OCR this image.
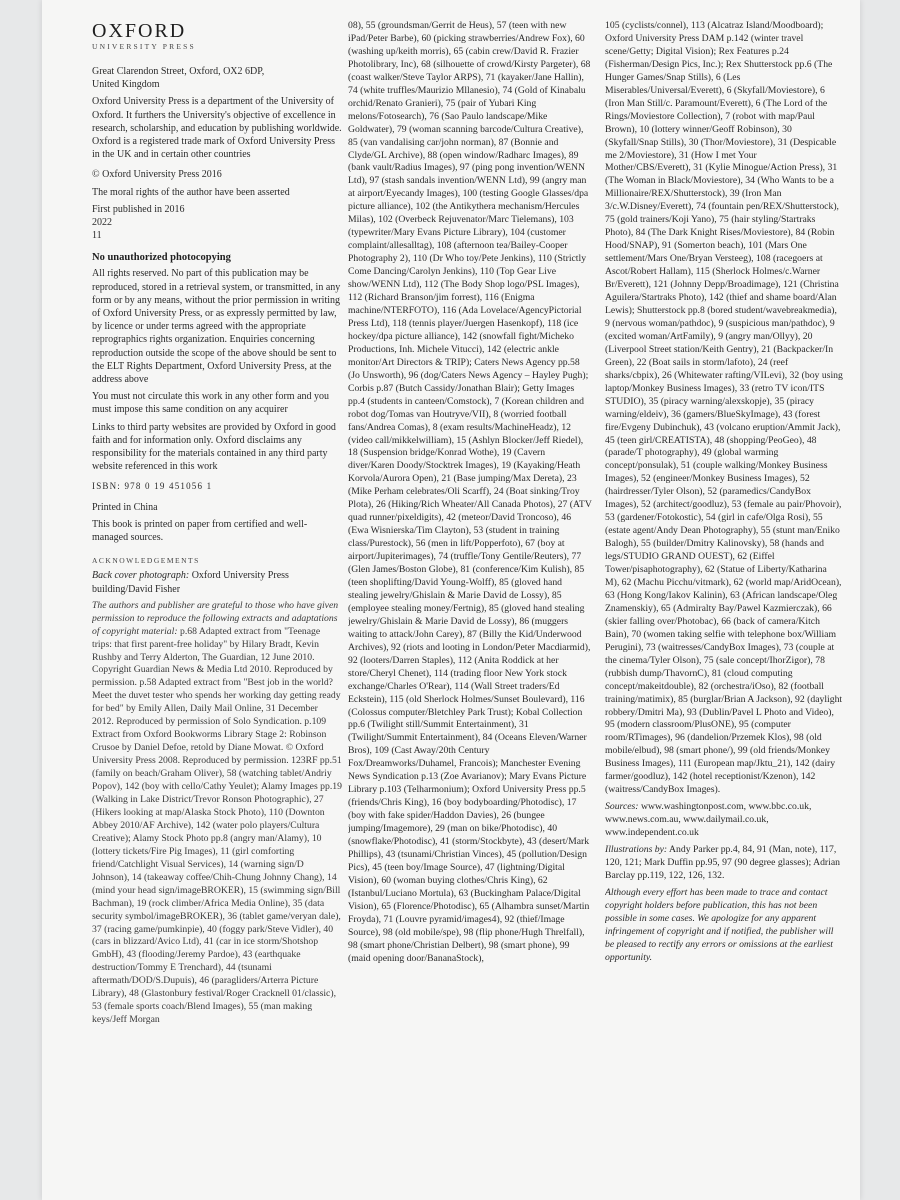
OXFORD
UNIVERSITY PRESS
Great Clarendon Street, Oxford, OX2 6DP,
United Kingdom

Oxford University Press is a department of the University of Oxford. It furthers the University's objective of excellence in research, scholarship, and education by publishing worldwide. Oxford is a registered trade mark of Oxford University Press in the UK and in certain other countries

© Oxford University Press 2016

The moral rights of the author have been asserted

First published in 2016

2022

11

No unauthorized photocopying

All rights reserved. No part of this publication may be reproduced, stored in a retrieval system, or transmitted, in any form or by any means, without the prior permission in writing of Oxford University Press, or as expressly permitted by law, by licence or under terms agreed with the appropriate reprographics rights organization. Enquiries concerning reproduction outside the scope of the above should be sent to the ELT Rights Department, Oxford University Press, at the address above

You must not circulate this work in any other form and you must impose this same condition on any acquirer

Links to third party websites are provided by Oxford in good faith and for information only. Oxford disclaims any responsibility for the materials contained in any third party website referenced in this work

ISBN: 978 0 19 451056 1

Printed in China

This book is printed on paper from certified and well-managed sources.

ACKNOWLEDGEMENTS

Back cover photograph: Oxford University Press building/David Fisher

The authors and publisher are grateful to those who have given permission to reproduce the following extracts and adaptations of copyright material: p.68 Adapted extract from "Teenage trips: that first parent-free holiday" by Hilary Bradt, Kevin Rushby and Terry Alderton, The Guardian, 12 June 2010. Copyright Guardian News & Media Ltd 2010. Reproduced by permission. p.58 Adapted extract from "Best job in the world? Meet the duvet tester who spends her working day getting ready for bed" by Emily Allen, Daily Mail Online, 31 December 2012. Reproduced by permission of Solo Syndication. p.109 Extract from Oxford Bookworms Library Stage 2: Robinson Crusoe by Daniel Defoe, retold by Diane Mowat. © Oxford University Press 2008. Reproduced by permission. 123RF pp.51 (family on beach/Graham Oliver), 58 (watching tablet/Andriy Popov), 142 (boy with cello/Cathy Yeulet); Alamy Images pp.19 (Walking in Lake District/Trevor Ronson Photographic), 27 (Hikers looking at map/Alaska Stock Photo), 110 (Downton Abbey 2010/AF Archive), 142 (water polo players/Cultura Creative); Alamy Stock Photo pp.8 (angry man/Alamy), 10 (lottery tickets/Fire Pig Images), 11 (girl comforting friend/Catchlight Visual Services), 14 (warning sign/D Johnson), 14 (takeaway coffee/Chih-Chung Johnny Chang), 14 (mind your head sign/imageBROKER), 15 (swimming sign/Bill Bachman), 19 (rock climber/Africa Media Online), 35 (data security symbol/imageBROKER), 36 (tablet game/veryan dale), 37 (racing game/pumkinpie), 40 (foggy park/Steve Vidler), 40 (cars in blizzard/Avico Ltd), 41 (car in ice storm/Shotshop GmbH), 43 (flooding/Jeremy Pardoe), 43 (earthquake destruction/Tommy E Trenchard), 44 (tsunami aftermath/DOD/S.Dupuis), 46 (paragliders/Arterra Picture Library), 48 (Glastonbury festival/Roger Cracknell 01/classic), 53 (female sports coach/Blend Images), 55 (man making keys/Jeff Morgan

08), 55 (groundsman/Gerrit de Heus), 57 (teen with new iPad/Peter Barbe), 60 (picking strawberries/Andrew Fox), 60 (washing up/keith morris), 65 (cabin crew/David R. Frazier Photolibrary, Inc), 68 (silhouette of crowd/Kirsty Pargeter), 68 (coast walker/Steve Taylor ARPS), 71 (kayaker/Jane Hallin), 74 (white truffles/Maurizio Mllanesio), 74 (Gold of Kinabalu orchid/Renato Granieri), 75 (pair of Yubari King melons/Fotosearch), 76 (Sao Paulo landscape/Mike Goldwater), 79 (woman scanning barcode/Cultura Creative), 85 (van vandalising car/john norman), 87 (Bonnie and Clyde/GL Archive), 88 (open window/Radharc Images), 89 (bank vault/Radius Images), 97 (ping pong invention/WENN Ltd), 97 (stash sandals invention/WENN Ltd), 99 (angry man at airport/Eyecandy Images), 100 (testing Google Glasses/dpa picture alliance), 102 (the Antikythera mechanism/Hercules Milas), 102 (Overbeck Rejuvenator/Marc Tielemans), 103 (typewriter/Mary Evans Picture Library), 104 (customer complaint/allesalltag), 108 (afternoon tea/Bailey-Cooper Photography 2), 110 (Dr Who toy/Pete Jenkins), 110 (Strictly Come Dancing/Carolyn Jenkins), 110 (Top Gear Live show/WENN Ltd), 112 (The Body Shop logo/PSL Images), 112 (Richard Branson/jim forrest), 116 (Enigma machine/NTERFOTO), 116 (Ada Lovelace/AgencyPictorial Press Ltd), 118 (tennis player/Juergen Hasenkopf), 118 (ice hockey/dpa picture alliance), 142 (snowfall fight/Micheko Productions, Inh. Michele Vitucci), 142 (electric ankle monitor/Art Directors & TRIP); Caters News Agency pp.58 (Jo Unsworth), 96 (dog/Caters News Agency – Hayley Pugh); Corbis p.87 (Butch Cassidy/Jonathan Blair); Getty Images pp.4 (students in canteen/Comstock), 7 (Korean children and robot dog/Tomas van Houtryve/VII), 8 (worried football fans/Andrea Comas), 8 (exam results/MachineHeadz), 12 (video call/mikkelwilliam), 15 (Ashlyn Blocker/Jeff Riedel), 18 (Suspension bridge/Konrad Wothe), 19 (Cavern diver/Karen Doody/Stocktrek Images), 19 (Kayaking/Heath Korvola/Aurora Open), 21 (Base jumping/Max Dereta), 23 (Mike Perham celebrates/Oli Scarff), 24 (Boat sinking/Troy Plota), 26 (Hiking/Rich Wheater/All Canada Photos), 27 (ATV quad runner/pixeldigits), 42 (meteor/David Troncoso), 46 (Ewa Wisnierska/Tim Clayton), 53 (student in training class/Purestock), 56 (men in lift/Popperfoto), 67 (boy at airport/Jupiterimages), 74 (truffle/Tony Gentile/Reuters), 77 (Glen James/Boston Globe), 81 (conference/Kim Kulish), 85 (teen shoplifting/David Young-Wolff), 85 (gloved hand stealing jewelry/Ghislain & Marie David de Lossy), 85 (employee stealing money/Fertnig), 85 (gloved hand stealing jewelry/Ghislain & Marie David de Lossy), 86 (muggers waiting to attack/John Carey), 87 (Billy the Kid/Underwood Archives), 92 (riots and looting in London/Peter Macdiarmid), 92 (looters/Darren Staples), 112 (Anita Roddick at her store/Cheryl Chenet), 114 (trading floor New York stock exchange/Charles O'Rear), 114 (Wall Street traders/Ed Eckstein), 115 (old Sherlock Holmes/Sunset Boulevard), 116 (Colossus computer/Bletchley Park Trust); Kobal Collection pp.6 (Twilight still/Summit Entertainment), 31 (Twilight/Summit Entertainment), 84 (Oceans Eleven/Warner Bros), 109 (Cast Away/20th Century Fox/Dreamworks/Duhamel, Francois); Manchester Evening News Syndication p.13 (Zoe Avarianov); Mary Evans Picture Library p.103 (Telharmonium); Oxford University Press pp.5 (friends/Chris King), 16 (boy bodyboarding/Photodisc), 17 (boy with fake spider/Haddon Davies), 26 (bungee jumping/Imagemore), 29 (man on bike/Photodisc), 40 (snowflake/Photodisc), 41 (storm/Stockbyte), 43 (desert/Mark Phillips), 43 (tsunami/Christian Vinces), 45 (pollution/Design Pics), 45 (teen boy/Image Source), 47 (lightning/Digital Vision), 60 (woman buying clothes/Chris King), 62 (Istanbul/Luciano Mortula), 63 (Buckingham Palace/Digital Vision), 65 (Florence/Photodisc), 65 (Alhambra sunset/Martin Froyda), 71 (Louvre pyramid/images4), 92 (thief/Image Source), 98 (old mobile/spe), 98 (flip phone/Hugh Threlfall), 98 (smart phone/Christian Delbert), 98 (smart phone), 99 (maid opening door/BananaStock),

105 (cyclists/connel), 113 (Alcatraz Island/Moodboard); Oxford University Press DAM p.142 (winter travel scene/Getty; Digital Vision); Rex Features p.24 (Fisherman/Design Pics, Inc.); Rex Shutterstock pp.6 (The Hunger Games/Snap Stills), 6 (Les Miserables/Universal/Everett), 6 (Skyfall/Moviestore), 6 (Iron Man Still/c. Paramount/Everett), 6 (The Lord of the Rings/Moviestore Collection), 7 (robot with map/Paul Brown), 10 (lottery winner/Geoff Robinson), 30 (Skyfall/Snap Stills), 30 (Thor/Moviestore), 31 (Despicable me 2/Moviestore), 31 (How I met Your Mother/CBS/Everett), 31 (Kylie Minogue/Action Press), 31 (The Woman in Black/Moviestore), 34 (Who Wants to be a Millionaire/REX/Shutterstock), 39 (Iron Man 3/c.W.Disney/Everett), 74 (fountain pen/REX/Shutterstock), 75 (gold trainers/Koji Yano), 75 (hair styling/Startraks Photo), 84 (The Dark Knight Rises/Moviestore), 84 (Robin Hood/SNAP), 91 (Somerton beach), 101 (Mars One settlement/Mars One/Bryan Versteeg), 108 (racegoers at Ascot/Robert Hallam), 115 (Sherlock Holmes/c.Warner Br/Everett), 121 (Johnny Depp/Broadimage), 121 (Christina Aguilera/Startraks Photo), 142 (thief and shame board/Alan Lewis); Shutterstock pp.8 (bored student/wavebreakmedia), 9 (nervous woman/pathdoc), 9 (suspicious man/pathdoc), 9 (excited woman/ArtFamily), 9 (angry man/Ollyy), 20 (Liverpool Street station/Keith Gentry), 21 (Backpacker/In Green), 22 (Boat sails in storm/lafoto), 24 (reef sharks/cbpix), 26 (Whitewater rafting/VILevi), 32 (boy using laptop/Monkey Business Images), 33 (retro TV icon/ITS STUDIO), 35 (piracy warning/alexskopje), 35 (piracy warning/eldeiv), 36 (gamers/BlueSkyImage), 43 (forest fire/Evgeny Dubinchuk), 43 (volcano eruption/Ammit Jack), 45 (teen girl/CREATISTA), 48 (shopping/PeoGeo), 48 (parade/T photography), 49 (global warming concept/ponsulak), 51 (couple walking/Monkey Business Images), 52 (engineer/Monkey Business Images), 52 (hairdresser/Tyler Olson), 52 (paramedics/CandyBox Images), 52 (architect/goodluz), 53 (female au pair/Phovoir), 53 (gardener/Fotokostic), 54 (girl in cafe/Olga Rosi), 55 (estate agent/Andy Dean Photography), 55 (stunt man/Eniko Balogh), 55 (builder/Dmitry Kalinovsky), 58 (hands and legs/STUDIO GRAND OUEST), 62 (Eiffel Tower/pisaphotography), 62 (Statue of Liberty/Katharina M), 62 (Machu Picchu/vitmark), 62 (world map/AridOcean), 63 (Hong Kong/Iakov Kalinin), 63 (African landscape/Oleg Znamenskiy), 65 (Admiralty Bay/Pawel Kazmierczak), 66 (skier falling over/Photobac), 66 (back of camera/Kitch Bain), 70 (women taking selfie with telephone box/William Perugini), 73 (waitresses/CandyBox Images), 73 (couple at the cinema/Tyler Olson), 75 (sale concept/IhorZigor), 78 (rubbish dump/ThavornC), 81 (cloud computing concept/makeitdouble), 82 (orchestra/iOso), 82 (football training/matimix), 85 (burglar/Brian A Jackson), 92 (daylight robbery/Dmitri Ma), 93 (Dublin/Pavel L Photo and Video), 95 (modern classroom/PlusONE), 95 (computer room/RTimages), 96 (dandelion/Przemek Klos), 98 (old mobile/elbud), 98 (smart phone/), 99 (old friends/Monkey Business Images), 111 (European map/Jktu_21), 142 (dairy farmer/goodluz), 142 (hotel receptionist/Kzenon), 142 (waitress/CandyBox Images).

Sources: www.washingtonpost.com, www.bbc.co.uk, www.news.com.au, www.dailymail.co.uk, www.independent.co.uk

Illustrations by: Andy Parker pp.4, 84, 91 (Man, note), 117, 120, 121; Mark Duffin pp.95, 97 (90 degree glasses); Adrian Barclay pp.119, 122, 126, 132.

Although every effort has been made to trace and contact copyright holders before publication, this has not been possible in some cases. We apologize for any apparent infringement of copyright and if notified, the publisher will be pleased to rectify any errors or omissions at the earliest opportunity.
